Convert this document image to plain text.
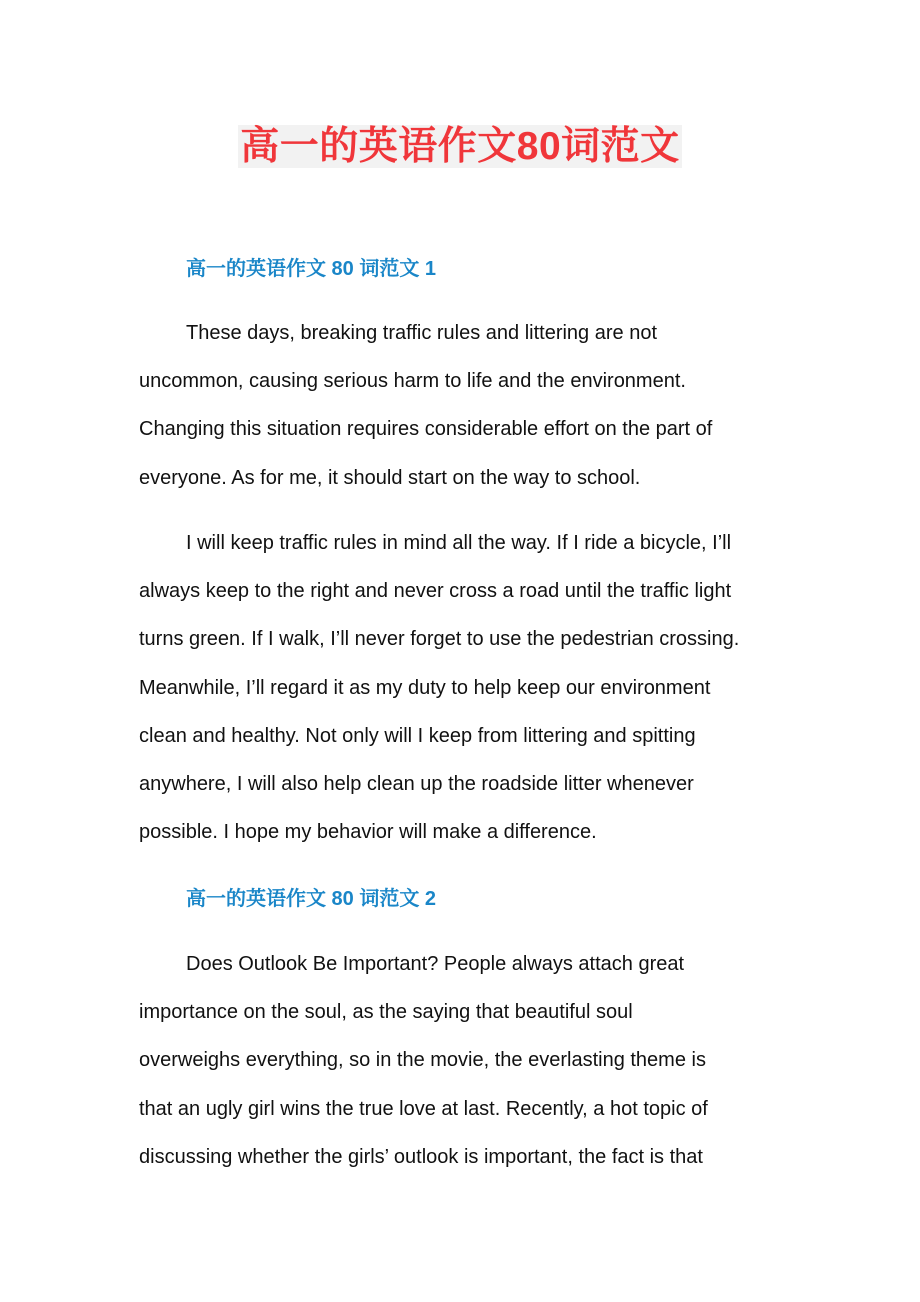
高一的英语作文80词范文
高一的英语作文 80 词范文 1
These days, breaking traffic rules and littering are not
uncommon, causing serious harm to life and the environment.
Changing this situation requires considerable effort on the part of
everyone. As for me, it should start on the way to school.
I will keep traffic rules in mind all the way. If I ride a bicycle, I’ll
always keep to the right and never cross a road until the traffic light
turns green. If I walk, I’ll never forget to use the pedestrian crossing.
Meanwhile, I’ll regard it as my duty to help keep our environment
clean and healthy. Not only will I keep from littering and spitting
anywhere, I will also help clean up the roadside litter whenever
possible. I hope my behavior will make a difference.
高一的英语作文 80 词范文 2
Does Outlook Be Important? People always attach great
importance on the soul, as the saying that beautiful soul
overweighs everything, so in the movie, the everlasting theme is
that an ugly girl wins the true love at last. Recently, a hot topic of
discussing whether the girls’ outlook is important, the fact is that
